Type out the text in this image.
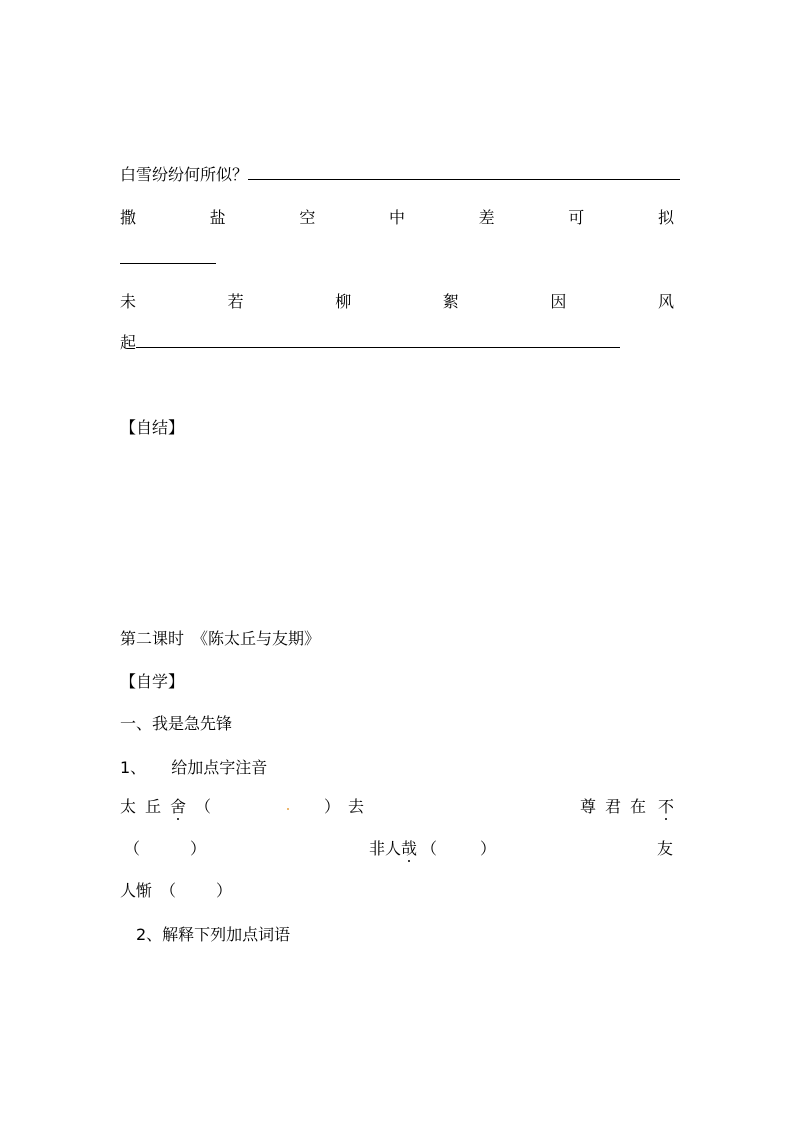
白雪纷纷何所似？
撒	盐	空	中	差	可	拟
未	若	柳	絮	因	风
起
【自结】
第二课时　《陈太丘与友期》
【自学】
一、我是急先锋
1、 给加点字注音
太 丘 舍 （	） 去	尊 君 在 不
（	）	非人 哉 （	）	友
人惭 （ ）
2、解释下列加点词语
